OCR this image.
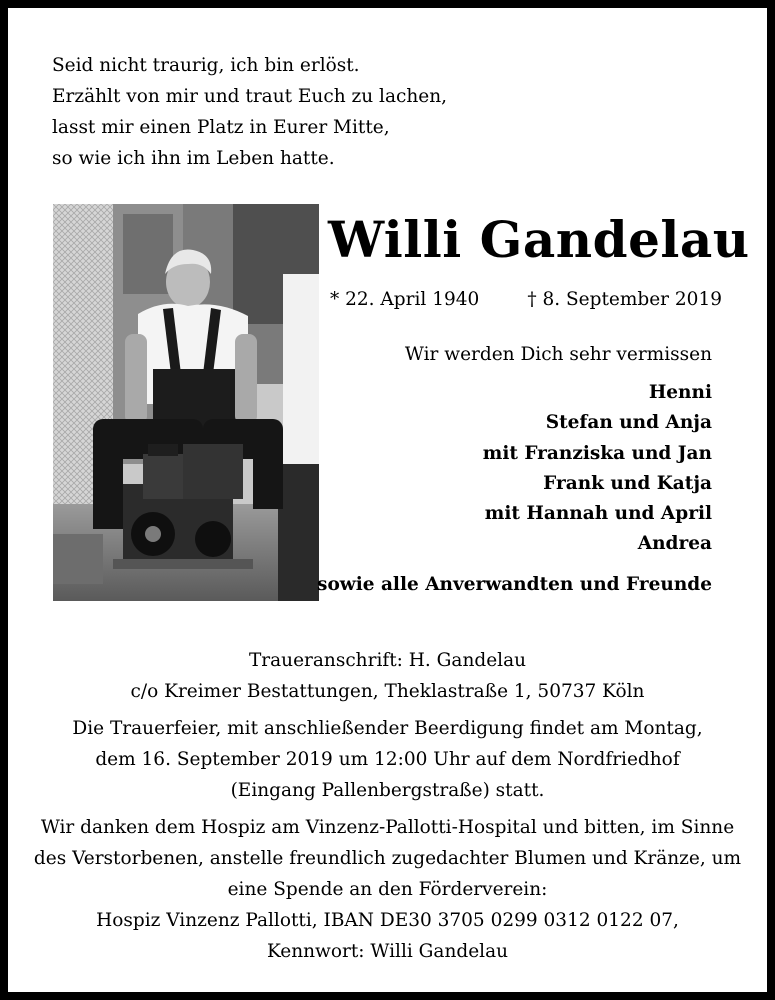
Seid nicht traurig, ich bin erlöst.
Erzählt von mir und traut Euch zu lachen,
lasst mir einen Platz in Eurer Mitte,
so wie ich ihn im Leben hatte.
Willi Gandelau
* 22. April 1940	† 8. September 2019
Wir werden Dich sehr vermissen
Henni
Stefan und Anja
mit Franziska und Jan
Frank und Katja
mit Hannah und April
Andrea
sowie alle Anverwandten und Freunde
Traueranschrift: H. Gandelau
c/o Kreimer Bestattungen, Theklastraße 1, 50737 Köln
Die Trauerfeier, mit anschließender Beerdigung findet am Montag,
dem 16. September 2019 um 12:00 Uhr auf dem Nordfriedhof
(Eingang Pallenbergstraße) statt.
Wir danken dem Hospiz am Vinzenz-Pallotti-Hospital und bitten, im Sinne
des Verstorbenen, anstelle freundlich zugedachter Blumen und Kränze, um
eine Spende an den Förderverein:
Hospiz Vinzenz Pallotti, IBAN DE30 3705 0299 0312 0122 07,
Kennwort: Willi Gandelau
